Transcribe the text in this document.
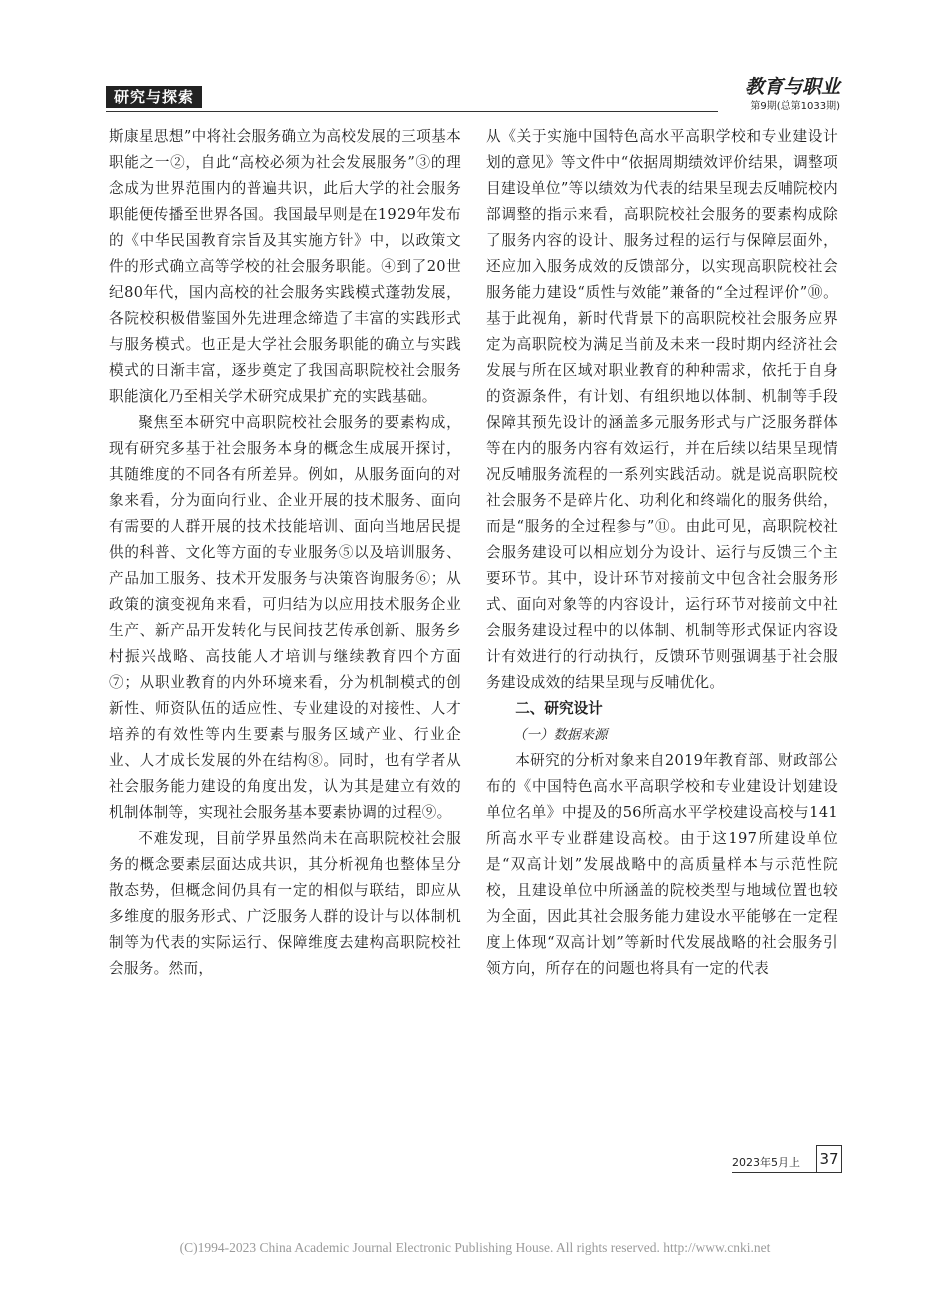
研究与探索	教育与职业
第9期(总第1033期)

斯康星思想”中将社会服务确立为高校发展的三项基本职能之一②，自此“高校必须为社会发展服务”③的理念成为世界范围内的普遍共识，此后大学的社会服务职能便传播至世界各国。我国最早则是在1929年发布的《中华民国教育宗旨及其实施方针》中，以政策文件的形式确立高等学校的社会服务职能。④到了20世纪80年代，国内高校的社会服务实践模式蓬勃发展，各院校积极借鉴国外先进理念缔造了丰富的实践形式与服务模式。也正是大学社会服务职能的确立与实践模式的日渐丰富，逐步奠定了我国高职院校社会服务职能演化乃至相关学术研究成果扩充的实践基础。

聚焦至本研究中高职院校社会服务的要素构成，现有研究多基于社会服务本身的概念生成展开探讨，其随维度的不同各有所差异。例如，从服务面向的对象来看，分为面向行业、企业开展的技术服务、面向有需要的人群开展的技术技能培训、面向当地居民提供的科普、文化等方面的专业服务⑤以及培训服务、产品加工服务、技术开发服务与决策咨询服务⑥；从政策的演变视角来看，可归结为以应用技术服务企业生产、新产品开发转化与民间技艺传承创新、服务乡村振兴战略、高技能人才培训与继续教育四个方面⑦；从职业教育的内外环境来看，分为机制模式的创新性、师资队伍的适应性、专业建设的对接性、人才培养的有效性等内生要素与服务区域产业、行业企业、人才成长发展的外在结构⑧。同时，也有学者从社会服务能力建设的角度出发，认为其是建立有效的机制体制等，实现社会服务基本要素协调的过程⑨。

不难发现，目前学界虽然尚未在高职院校社会服务的概念要素层面达成共识，其分析视角也整体呈分散态势，但概念间仍具有一定的相似与联结，即应从多维度的服务形式、广泛服务人群的设计与以体制机制等为代表的实际运行、保障维度去建构高职院校社会服务。然而，

从《关于实施中国特色高水平高职学校和专业建设计划的意见》等文件中“依据周期绩效评价结果，调整项目建设单位”等以绩效为代表的结果呈现去反哺院校内部调整的指示来看，高职院校社会服务的要素构成除了服务内容的设计、服务过程的运行与保障层面外，还应加入服务成效的反馈部分，以实现高职院校社会服务能力建设“质性与效能”兼备的“全过程评价”⑩。基于此视角，新时代背景下的高职院校社会服务应界定为高职院校为满足当前及未来一段时期内经济社会发展与所在区域对职业教育的种种需求，依托于自身的资源条件，有计划、有组织地以体制、机制等手段保障其预先设计的涵盖多元服务形式与广泛服务群体等在内的服务内容有效运行，并在后续以结果呈现情况反哺服务流程的一系列实践活动。就是说高职院校社会服务不是碎片化、功利化和终端化的服务供给，而是“服务的全过程参与”⑪。由此可见，高职院校社会服务建设可以相应划分为设计、运行与反馈三个主要环节。其中，设计环节对接前文中包含社会服务形式、面向对象等的内容设计，运行环节对接前文中社会服务建设过程中的以体制、机制等形式保证内容设计有效进行的行动执行，反馈环节则强调基于社会服务建设成效的结果呈现与反哺优化。

二、研究设计

（一）数据来源

本研究的分析对象来自2019年教育部、财政部公布的《中国特色高水平高职学校和专业建设计划建设单位名单》中提及的56所高水平学校建设高校与141所高水平专业群建设高校。由于这197所建设单位是“双高计划”发展战略中的高质量样本与示范性院校，且建设单位中所涵盖的院校类型与地域位置也较为全面，因此其社会服务能力建设水平能够在一定程度上体现“双高计划”等新时代发展战略的社会服务引领方向，所存在的问题也将具有一定的代表

2023年5月上 37
(C)1994-2023 China Academic Journal Electronic Publishing House. All rights reserved. http://www.cnki.net
